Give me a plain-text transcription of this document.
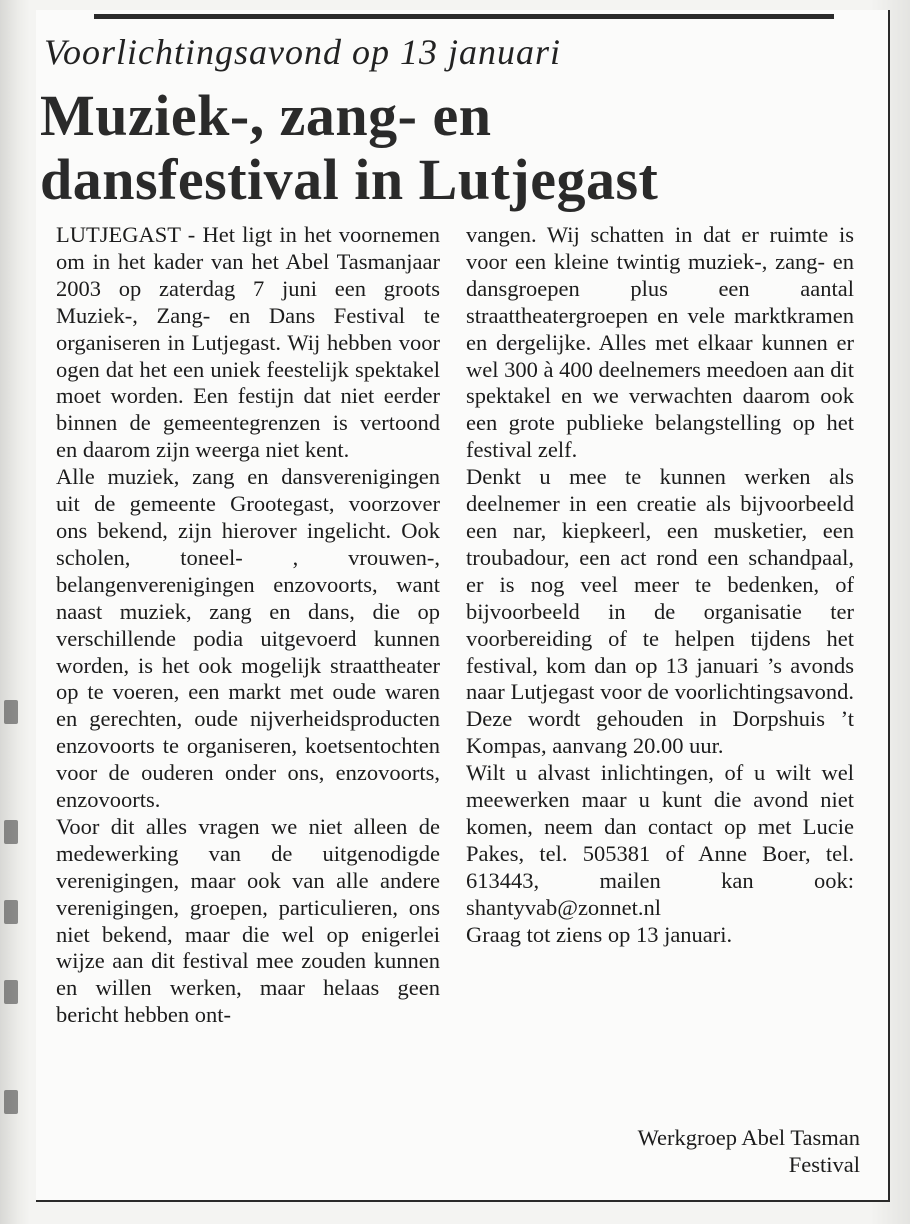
Voorlichtingsavond op 13 januari
Muziek-, zang- en
dansfestival in Lutjegast

LUTJEGAST - Het ligt in het voornemen om in het kader van het Abel Tasmanjaar 2003 op zaterdag 7 juni een groots Muziek-, Zang- en Dans Festival te organiseren in Lutjegast. Wij hebben voor ogen dat het een uniek feestelijk spektakel moet worden. Een festijn dat niet eerder binnen de gemeentegrenzen is vertoond en daarom zijn weerga niet kent.

Alle muziek, zang en dansverenigingen uit de gemeente Grootegast, voorzover ons bekend, zijn hierover ingelicht. Ook scholen, toneel- , vrouwen-, belangenverenigingen enzovoorts, want naast muziek, zang en dans, die op verschillende podia uitgevoerd kunnen worden, is het ook mogelijk straattheater op te voeren, een markt met oude waren en gerechten, oude nijverheidsproducten enzovoorts te organiseren, koetsentochten voor de ouderen onder ons, enzovoorts, enzovoorts.

Voor dit alles vragen we niet alleen de medewerking van de uitgenodigde verenigingen, maar ook van alle andere verenigingen, groepen, particulieren, ons niet bekend, maar die wel op enigerlei wijze aan dit festival mee zouden kunnen en willen werken, maar helaas geen bericht hebben ont-

vangen. Wij schatten in dat er ruimte is voor een kleine twintig muziek-, zang- en dansgroepen plus een aantal straattheatergroepen en vele marktkramen en dergelijke. Alles met elkaar kunnen er wel 300 à 400 deelnemers meedoen aan dit spektakel en we verwachten daarom ook een grote publieke belangstelling op het festival zelf.

Denkt u mee te kunnen werken als deelnemer in een creatie als bijvoorbeeld een nar, kiepkeerl, een musketier, een troubadour, een act rond een schandpaal, er is nog veel meer te bedenken, of bijvoorbeeld in de organisatie ter voorbereiding of te helpen tijdens het festival, kom dan op 13 januari ’s avonds naar Lutjegast voor de voorlichtingsavond. Deze wordt gehouden in Dorpshuis ’t Kompas, aanvang 20.00 uur.

Wilt u alvast inlichtingen, of u wilt wel meewerken maar u kunt die avond niet komen, neem dan contact op met Lucie Pakes, tel. 505381 of Anne Boer, tel. 613443, mailen kan ook: shantyvab@zonnet.nl

Graag tot ziens op 13 januari.

Werkgroep Abel Tasman
Festival
